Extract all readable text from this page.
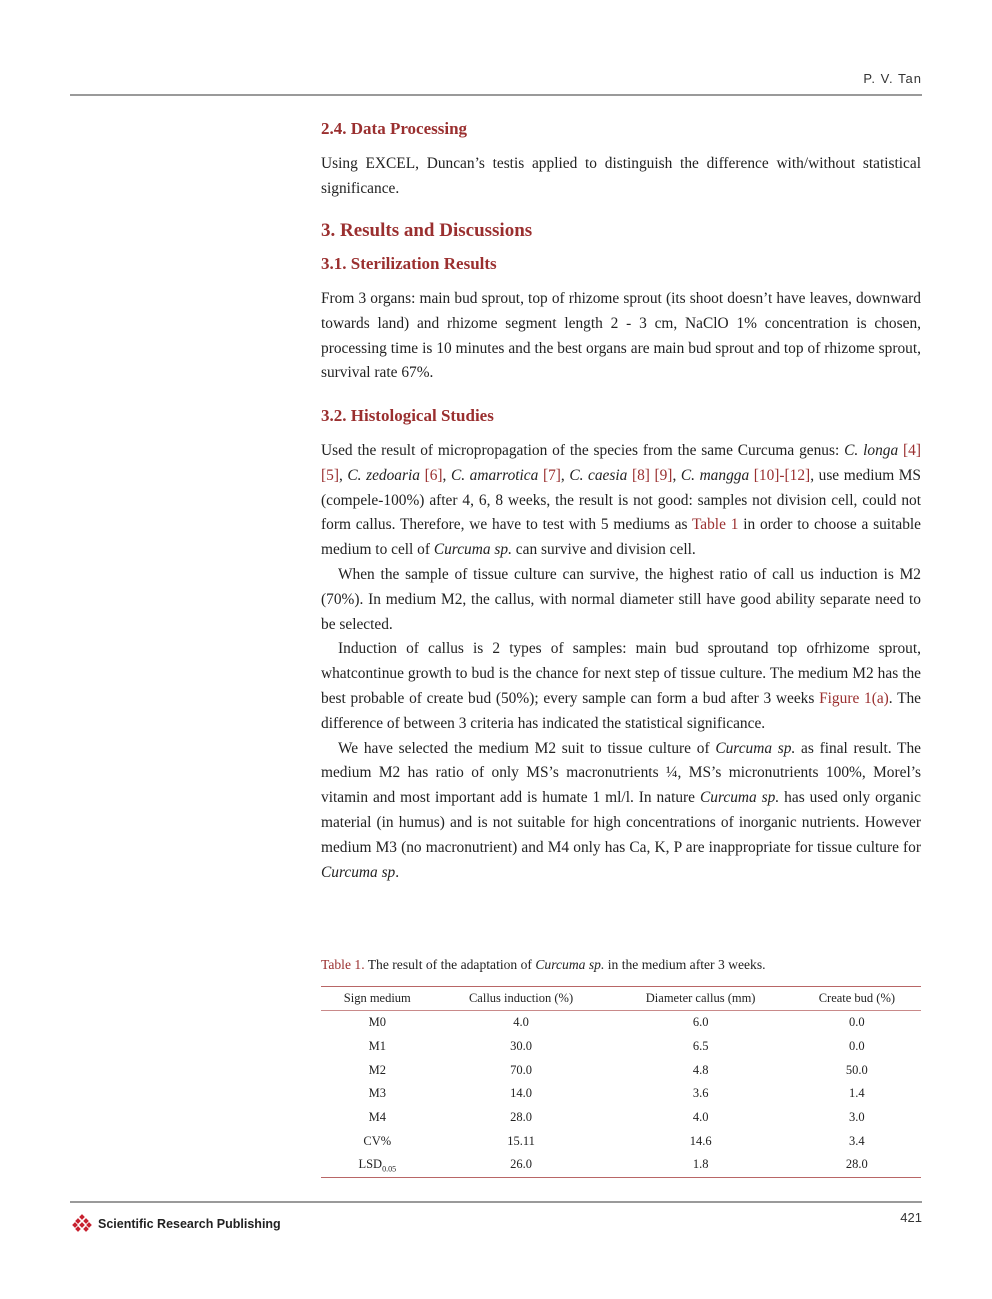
P. V. Tan
2.4. Data Processing

Using EXCEL, Duncan’s testis applied to distinguish the difference with/without statistical significance.

3. Results and Discussions
3.1. Sterilization Results

From 3 organs: main bud sprout, top of rhizome sprout (its shoot doesn’t have leaves, downward towards land) and rhizome segment length 2 - 3 cm, NaClO 1% concentration is chosen, processing time is 10 minutes and the best organs are main bud sprout and top of rhizome sprout, survival rate 67%.

3.2. Histological Studies

Used the result of micropropagation of the species from the same Curcuma genus: C. longa [4] [5], C. zedoaria [6], C. amarrotica [7], C. caesia [8] [9], C. mangga [10]-[12], use medium MS (compele-100%) after 4, 6, 8 weeks, the result is not good: samples not division cell, could not form callus. Therefore, we have to test with 5 mediums as Table 1 in order to choose a suitable medium to cell of Curcuma sp. can survive and division cell.

When the sample of tissue culture can survive, the highest ratio of call us induction is M2 (70%). In medium M2, the callus, with normal diameter still have good ability separate need to be selected.

Induction of callus is 2 types of samples: main bud sproutand top ofrhizome sprout, whatcontinue growth to bud is the chance for next step of tissue culture. The medium M2 has the best probable of create bud (50%); every sample can form a bud after 3 weeks Figure 1(a). The difference of between 3 criteria has indicated the statistical significance.

We have selected the medium M2 suit to tissue culture of Curcuma sp. as final result. The medium M2 has ratio of only MS’s macronutrients ¼, MS’s micronutrients 100%, Morel’s vitamin and most important add is humate 1 ml/l. In nature Curcuma sp. has used only organic material (in humus) and is not suitable for high concentrations of inorganic nutrients. However medium M3 (no macronutrient) and M4 only has Ca, K, P are inappropriate for tissue culture for Curcuma sp.

Table 1. The result of the adaptation of Curcuma sp. in the medium after 3 weeks.
Sign medium	Callus induction (%)	Diameter callus (mm)	Create bud (%)
M0	4.0	6.0	0.0
M1	30.0	6.5	0.0
M2	70.0	4.8	50.0
M3	14.0	3.6	1.4
M4	28.0	4.0	3.0
CV%	15.11	14.6	3.4
$LSD_{0.05}$	26.0	1.8	28.0
Scientific Research Publishing	421
